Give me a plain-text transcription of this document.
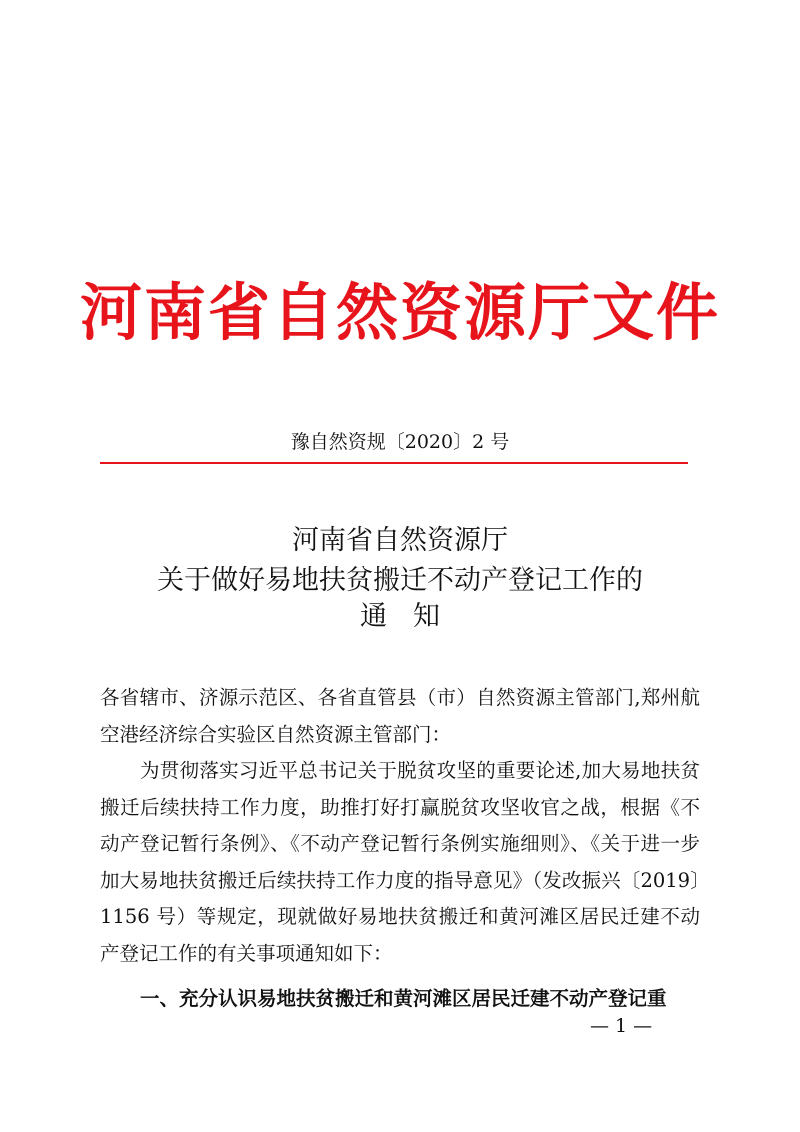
河南省自然资源厅文件
豫自然资规〔2020〕2 号
河南省自然资源厅
关于做好易地扶贫搬迁不动产登记工作的
通知

各省辖市、济源示范区、各省直管县（市）自然资源主管部门,郑州航空港经济综合实验区自然资源主管部门：

为贯彻落实习近平总书记关于脱贫攻坚的重要论述,加大易地扶贫搬迁后续扶持工作力度，助推打好打赢脱贫攻坚收官之战，根据《不动产登记暂行条例》、《不动产登记暂行条例实施细则》、《关于进一步加大易地扶贫搬迁后续扶持工作力度的指导意见》（发改振兴〔2019〕1156 号）等规定，现就做好易地扶贫搬迁和黄河滩区居民迁建不动产登记工作的有关事项通知如下：

一、充分认识易地扶贫搬迁和黄河滩区居民迁建不动产登记重
— 1 —
